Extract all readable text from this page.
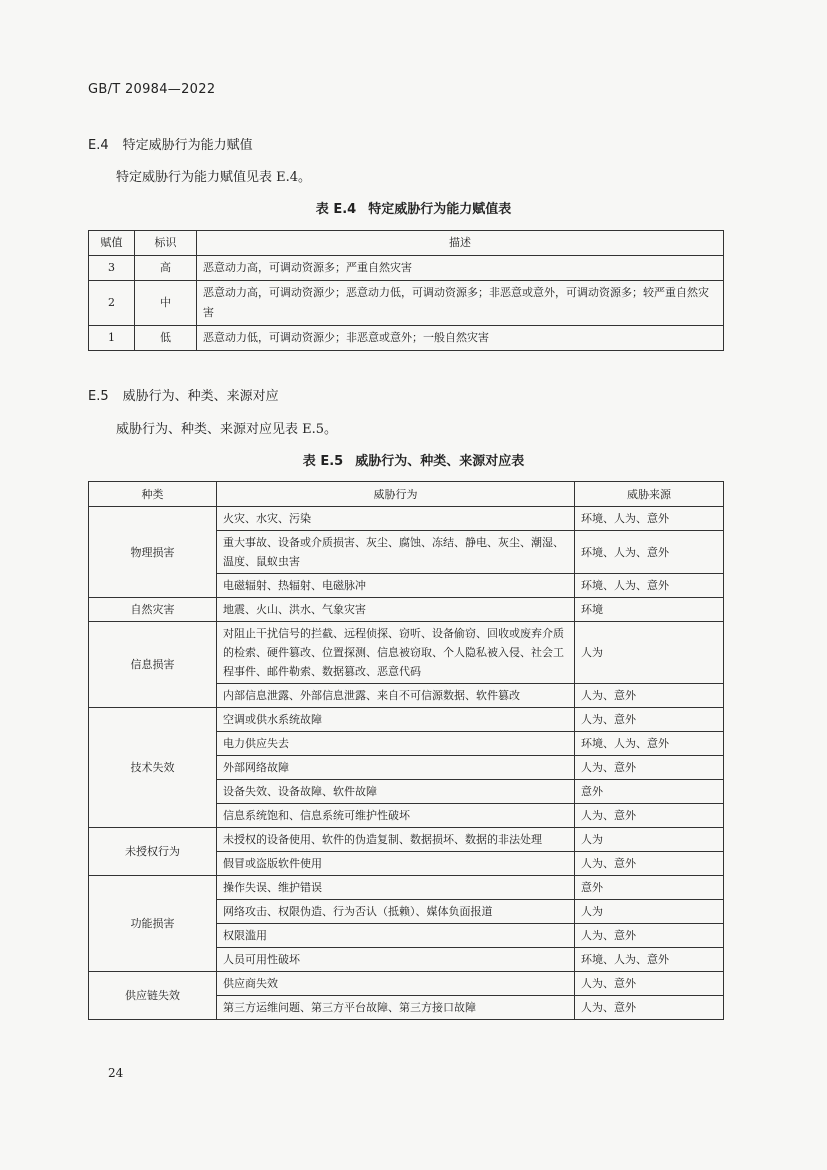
GB/T 20984—2022
E.4 特定威胁行为能力赋值
特定威胁行为能力赋值见表 E.4。
表 E.4 特定威胁行为能力赋值表
赋值	标识	描述
3	高	恶意动力高，可调动资源多；严重自然灾害
2	中	恶意动力高，可调动资源少；恶意动力低，可调动资源多；非恶意或意外，可调动资源多；较严重自然灾害
1	低	恶意动力低，可调动资源少；非恶意或意外；一般自然灾害
E.5 威胁行为、种类、来源对应
威胁行为、种类、来源对应见表 E.5。
表 E.5 威胁行为、种类、来源对应表
种类	威胁行为	威胁来源
物理损害	火灾、水灾、污染	环境、人为、意外
	重大事故、设备或介质损害、灰尘、腐蚀、冻结、静电、灰尘、潮湿、温度、鼠蚁虫害	环境、人为、意外
	电磁辐射、热辐射、电磁脉冲	环境、人为、意外
自然灾害	地震、火山、洪水、气象灾害	环境
信息损害	对阻止干扰信号的拦截、远程侦探、窃听、设备偷窃、回收或废弃介质的检索、硬件篡改、位置探测、信息被窃取、个人隐私被入侵、社会工程事件、邮件勒索、数据篡改、恶意代码	人为
	内部信息泄露、外部信息泄露、来自不可信源数据、软件篡改	人为、意外
技术失效	空调或供水系统故障	人为、意外
	电力供应失去	环境、人为、意外
	外部网络故障	人为、意外
	设备失效、设备故障、软件故障	意外
	信息系统饱和、信息系统可维护性破坏	人为、意外
未授权行为	未授权的设备使用、软件的伪造复制、数据损坏、数据的非法处理	人为
	假冒或盗版软件使用	人为、意外
功能损害	操作失误、维护错误	意外
	网络攻击、权限伪造、行为否认（抵赖）、媒体负面报道	人为
	权限滥用	人为、意外
	人员可用性破坏	环境、人为、意外
供应链失效	供应商失效	人为、意外
	第三方运维问题、第三方平台故障、第三方接口故障	人为、意外
24
